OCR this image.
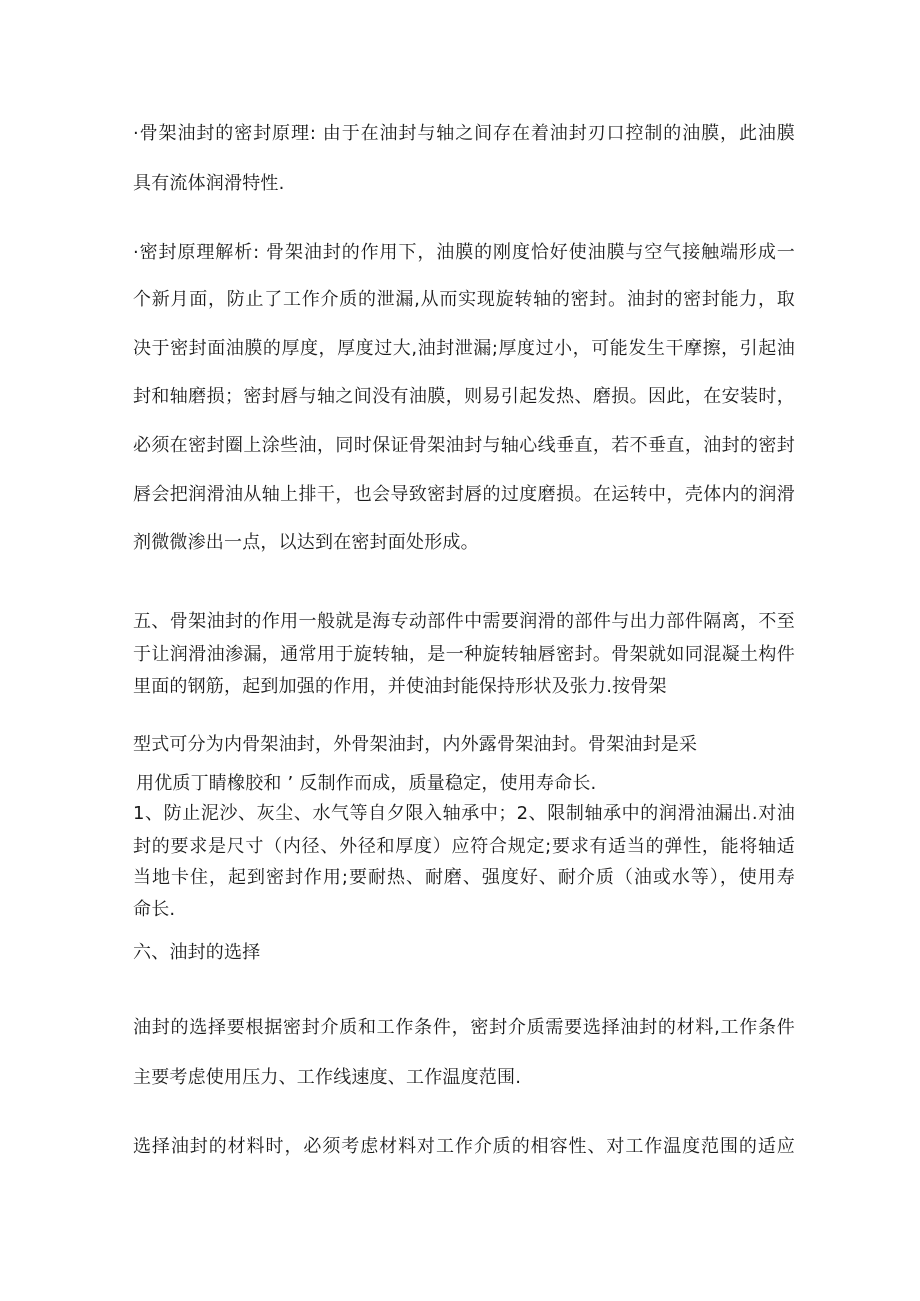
·骨架油封的密封原理: 由于在油封与轴之间存在着油封刃口控制的油膜，此油膜
具有流体润滑特性.
·密封原理解析: 骨架油封的作用下，油膜的刚度恰好使油膜与空气接触端形成一
个新月面，防止了工作介质的泄漏,从而实现旋转轴的密封。油封的密封能力，取
决于密封面油膜的厚度，厚度过大,油封泄漏;厚度过小，可能发生干摩擦，引起油
封和轴磨损；密封唇与轴之间没有油膜，则易引起发热、磨损。因此，在安装时，
必须在密封圈上涂些油，同时保证骨架油封与轴心线垂直，若不垂直，油封的密封
唇会把润滑油从轴上排干，也会导致密封唇的过度磨损。在运转中，壳体内的润滑
剂微微渗出一点，以达到在密封面处形成。
五、骨架油封的作用一般就是海专动部件中需要润滑的部件与出力部件隔离，不至
于让润滑油渗漏，通常用于旋转轴，是一种旋转轴唇密封。骨架就如同混凝土构件
里面的钢筋，起到加强的作用，并使油封能保持形状及张力.按骨架
型式可分为内骨架油封，外骨架油封，内外露骨架油封。骨架油封是采
用优质丁睛橡胶和 ’ 反制作而成，质量稳定，使用寿命长.
1、防止泥沙、灰尘、水气等自夕限入轴承中；2、限制轴承中的润滑油漏出.对油
封的要求是尺寸（内径、外径和厚度）应符合规定;要求有适当的弹性，能将轴适
当地卡住，起到密封作用;要耐热、耐磨、强度好、耐介质（油或水等），使用寿
命长.
六、油封的选择
油封的选择要根据密封介质和工作条件，密封介质需要选择油封的材料,工作条件
主要考虑使用压力、工作线速度、工作温度范围.
选择油封的材料时，必须考虑材料对工作介质的相容性、对工作温度范围的适应
